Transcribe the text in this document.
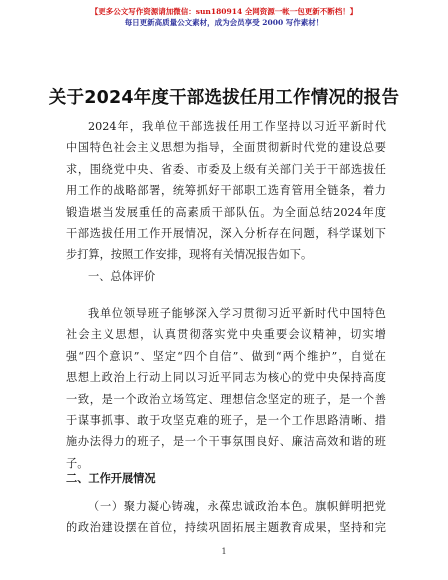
【更多公文写作资源请加微信：sun180914 全网资源一帐一包更新不断档！】
每日更新高质量公文素材，成为会员享受 2000 写作素材！
关于2024年度干部选拔任用工作情况的报告

2024年，我单位干部选拔任用工作坚持以习近平新时代

中国特色社会主义思想为指导，全面贯彻新时代党的建设总要

求，围绕党中央、省委、市委及上级有关部门关于干部选拔任

用工作的战略部署，统筹抓好干部职工选育管用全链条，着力

锻造堪当发展重任的高素质干部队伍。为全面总结2024年度

干部选拔任用工作开展情况，深入分析存在问题，科学谋划下

步打算，按照工作安排，现将有关情况报告如下。

一、总体评价

我单位领导班子能够深入学习贯彻习近平新时代中国特色

社会主义思想，认真贯彻落实党中央重要会议精神，切实增

强“四个意识”、坚定“四个自信”、做到“两个维护”，自觉在

思想上政治上行动上同以习近平同志为核心的党中央保持高度

一致，是一个政治立场笃定、理想信念坚定的班子，是一个善

于谋事抓事、敢于攻坚克难的班子，是一个工作思路清晰、措

施办法得力的班子，是一个干事氛围良好、廉洁高效和谐的班

子。

二、工作开展情况

（一）聚力凝心铸魂，永葆忠诚政治本色。旗帜鲜明把党

的政治建设摆在首位，持续巩固拓展主题教育成果，坚持和完

1
